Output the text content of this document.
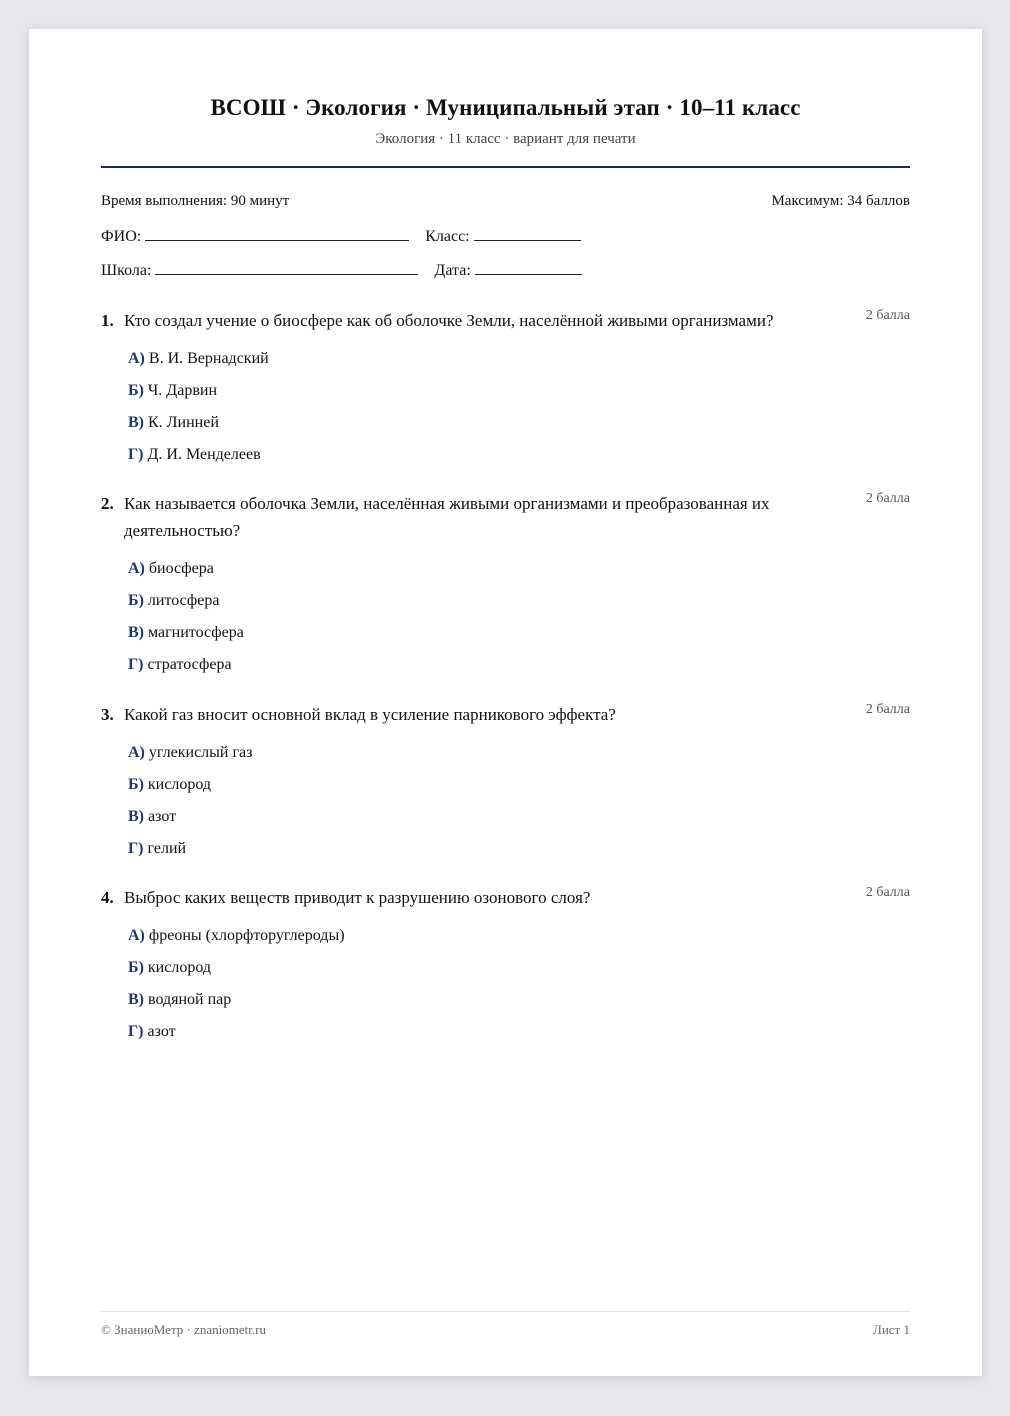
ВСОШ · Экология · Муниципальный этап · 10–11 класс
Экология · 11 класс · вариант для печати
Время выполнения: 90 минут	Максимум: 34 баллов
ФИО:	Класс:
Школа:	Дата:
1. Кто создал учение о биосфере как об оболочке Земли, населённой живыми организмами?	2 балла
А) В. И. Вернадский
Б) Ч. Дарвин
В) К. Линней
Г) Д. И. Менделеев
2. Как называется оболочка Земли, населённая живыми организмами и преобразованная их деятельностью?
2 балла
А) биосфера
Б) литосфера
В) магнитосфера
Г) стратосфера
3. Какой газ вносит основной вклад в усиление парникового эффекта?	2 балла
А) углекислый газ
Б) кислород
В) азот
Г) гелий
4. Выброс каких веществ приводит к разрушению озонового слоя?	2 балла
А) фреоны (хлорфторуглероды)
Б) кислород
В) водяной пар
Г) азот
© ЗнаниоМетр · znaniometr.ru	Лист 1
